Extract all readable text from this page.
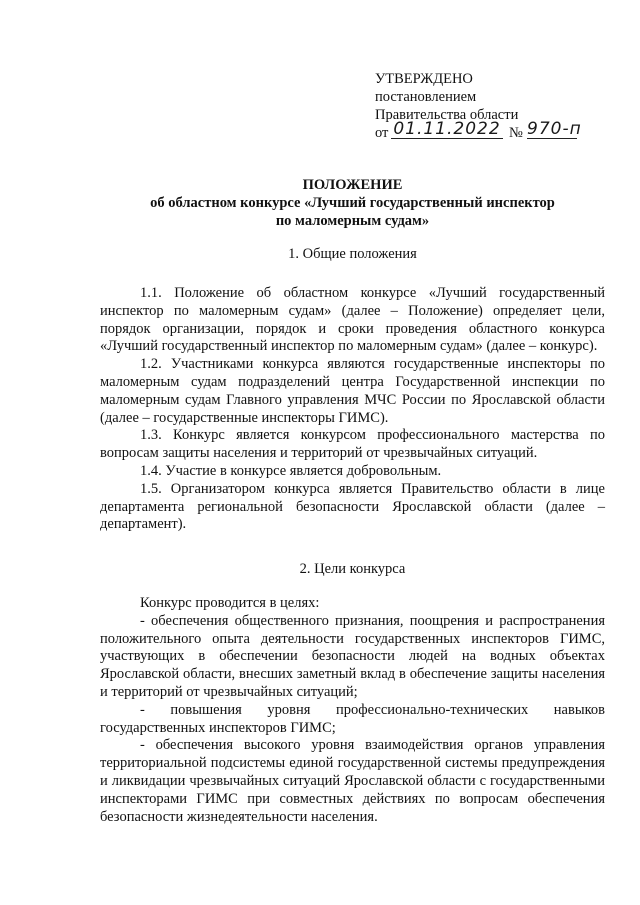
УТВЕРЖДЕНО
постановлением
Правительства области
от 01.11.2022 № 970-п
ПОЛОЖЕНИЕ
об областном конкурсе «Лучший государственный инспектор
по маломерным судам»
1. Общие положения

1.1. Положение об областном конкурсе «Лучший государственный инспектор по маломерным судам» (далее – Положение) определяет цели, порядок организации, порядок и сроки проведения областного конкурса «Лучший государственный инспектор по маломерным судам» (далее – конкурс).

1.2. Участниками конкурса являются государственные инспекторы по маломерным судам подразделений центра Государственной инспекции по маломерным судам Главного управления МЧС России по Ярославской области (далее – государственные инспекторы ГИМС).

1.3. Конкурс является конкурсом профессионального мастерства по вопросам защиты населения и территорий от чрезвычайных ситуаций.

1.4. Участие в конкурсе является добровольным.

1.5. Организатором конкурса является Правительство области в лице департамента региональной безопасности Ярославской области (далее – департамент).

2. Цели конкурса

Конкурс проводится в целях:

- обеспечения общественного признания, поощрения и распространения положительного опыта деятельности государственных инспекторов ГИМС, участвующих в обеспечении безопасности людей на водных объектах Ярославской области, внесших заметный вклад в обеспечение защиты населения и территорий от чрезвычайных ситуаций;

- повышения уровня профессионально-технических навыков государственных инспекторов ГИМС;

- обеспечения высокого уровня взаимодействия органов управления территориальной подсистемы единой государственной системы предупреждения и ликвидации чрезвычайных ситуаций Ярославской области с государственными инспекторами ГИМС при совместных действиях по вопросам обеспечения безопасности жизнедеятельности населения.
